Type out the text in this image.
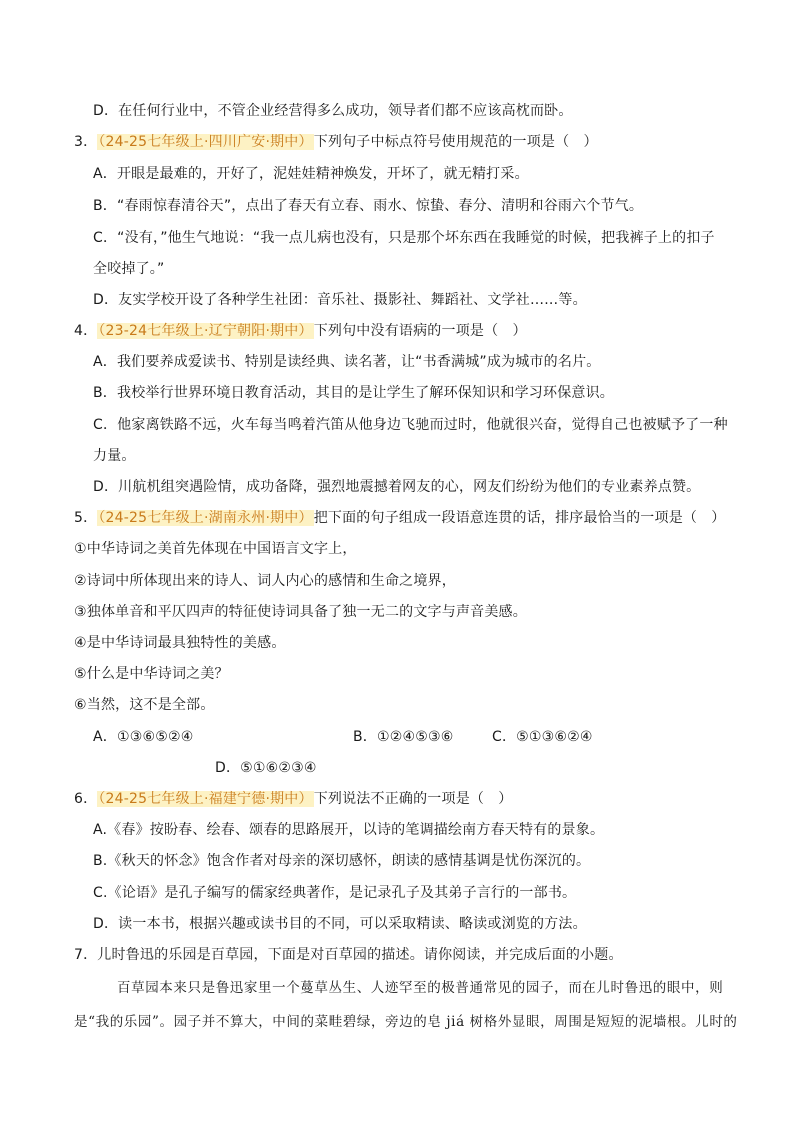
D．在任何行业中，不管企业经营得多么成功，领导者们都不应该高枕而卧。
3．（24-25七年级上·四川广安·期中）下列句子中标点符号使用规范的一项是（　）
A．开眼是最难的，开好了，泥娃娃精神焕发，开坏了，就无精打采。
B．“春雨惊春清谷天”，点出了春天有立春、雨水、惊蛰、春分、清明和谷雨六个节气。
C．“没有，”他生气地说：“我一点儿病也没有，只是那个坏东西在我睡觉的时候，把我裤子上的扣子
全咬掉了。”
D．友实学校开设了各种学生社团：音乐社、摄影社、舞蹈社、文学社……等。
4．（23-24七年级上·辽宁朝阳·期中）下列句中没有语病的一项是（　）
A．我们要养成爱读书、特别是读经典、读名著，让“书香满城”成为城市的名片。
B．我校举行世界环境日教育活动，其目的是让学生了解环保知识和学习环保意识。
C．他家离铁路不远，火车每当鸣着汽笛从他身边飞驰而过时，他就很兴奋，觉得自己也被赋予了一种
力量。
D．川航机组突遇险情，成功备降，强烈地震撼着网友的心，网友们纷纷为他们的专业素养点赞。
5．（24-25七年级上·湖南永州·期中）把下面的句子组成一段语意连贯的话，排序最恰当的一项是（　）
①中华诗词之美首先体现在中国语言文字上，
②诗词中所体现出来的诗人、词人内心的感情和生命之境界，
③独体单音和平仄四声的特征使诗词具备了独一无二的文字与声音美感。
④是中华诗词最具独特性的美感。
⑤什么是中华诗词之美？
⑥当然，这不是全部。
A．①③⑥⑤②④	B．①②④⑤③⑥	C．⑤①③⑥②④
D．⑤①⑥②③④
6．（24-25七年级上·福建宁德·期中）下列说法不正确的一项是（　）
A.《春》按盼春、绘春、颂春的思路展开，以诗的笔调描绘南方春天特有的景象。
B.《秋天的怀念》饱含作者对母亲的深切感怀，朗读的感情基调是忧伤深沉的。
C.《论语》是孔子编写的儒家经典著作，是记录孔子及其弟子言行的一部书。
D．读一本书，根据兴趣或读书目的不同，可以采取精读、略读或浏览的方法。
7．儿时鲁迅的乐园是百草园，下面是对百草园的描述。请你阅读，并完成后面的小题。
百草园本来只是鲁迅家里一个蔓草丛生、人迹罕至的极普通常见的园子，而在儿时鲁迅的眼中，则
是“我的乐园”。园子并不算大，中间的菜畦碧绿，旁边的皂 jiá 树格外显眼，周围是短短的泥墙根。儿时的
